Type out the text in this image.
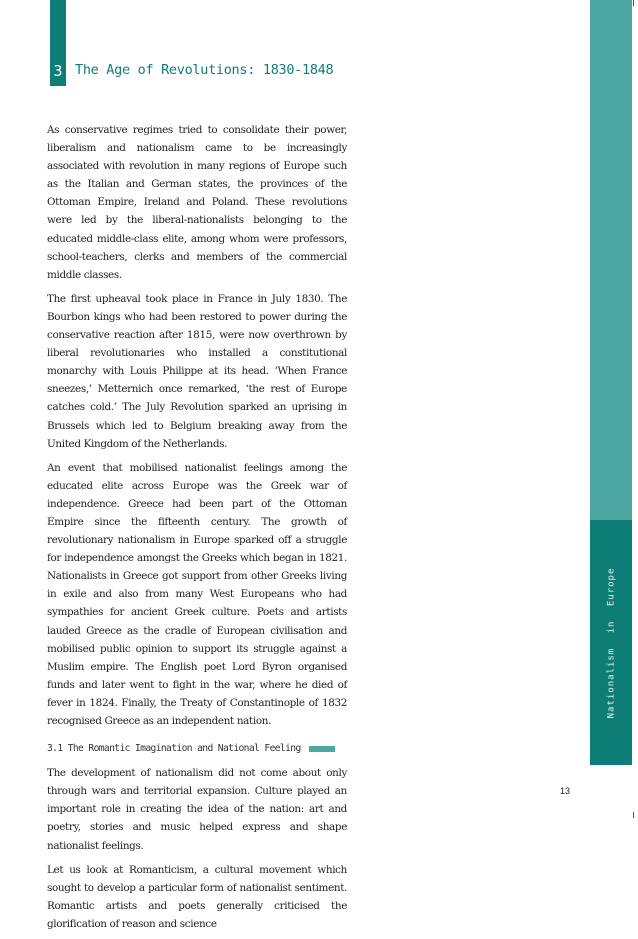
Nationalism in Europe
3 The Age of Revolutions: 1830-1848

As conservative regimes tried to consolidate their power, liberalism and nationalism came to be increasingly associated with revolution in many regions of Europe such as the Italian and German states, the provinces of the Ottoman Empire, Ireland and Poland. These revolutions were led by the liberal-nationalists belonging to the educated middle-class elite, among whom were professors, school-teachers, clerks and members of the commercial middle classes.

The first upheaval took place in France in July 1830. The Bourbon kings who had been restored to power during the conservative reaction after 1815, were now overthrown by liberal revolutionaries who installed a constitutional monarchy with Louis Philippe at its head. ‘When France sneezes,’ Metternich once remarked, ‘the rest of Europe catches cold.’ The July Revolution sparked an uprising in Brussels which led to Belgium breaking away from the United Kingdom of the Netherlands.

An event that mobilised nationalist feelings among the educated elite across Europe was the Greek war of independence. Greece had been part of the Ottoman Empire since the fifteenth century. The growth of revolutionary nationalism in Europe sparked off a struggle for independence amongst the Greeks which began in 1821. Nationalists in Greece got support from other Greeks living in exile and also from many West Europeans who had sympathies for ancient Greek culture. Poets and artists lauded Greece as the cradle of European civilisation and mobilised public opinion to support its struggle against a Muslim empire. The English poet Lord Byron organised funds and later went to fight in the war, where he died of fever in 1824. Finally, the Treaty of Constantinople of 1832 recognised Greece as an independent nation.

3.1 The Romantic Imagination and National Feeling

The development of nationalism did not come about only through wars and territorial expansion. Culture played an important role in creating the idea of the nation: art and poetry, stories and music helped express and shape nationalist feelings.

Let us look at Romanticism, a cultural movement which sought to develop a particular form of nationalist sentiment. Romantic artists and poets generally criticised the glorification of reason and science

13
